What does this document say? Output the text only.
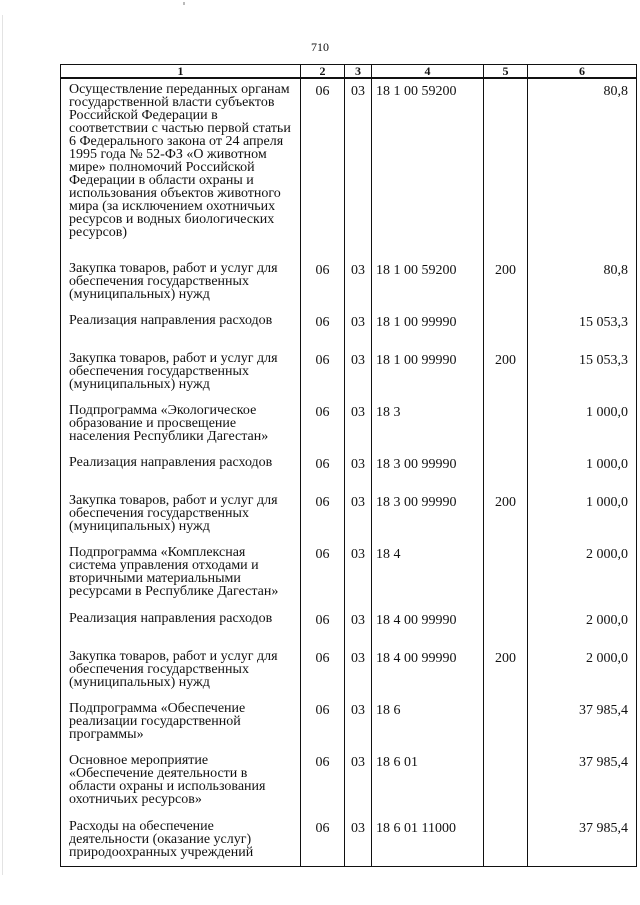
710
1	2	3	4	5	6
Осуществление переданных органам государственной власти субъектов Российской Федерации в соответствии с частью первой статьи 6 Федерального закона от 24 апреля 1995 года № 52-ФЗ «О животном мире» полномочий Российской Федерации в области охраны и использования объектов животного мира (за исключением охотничьих ресурсов и водных биологических ресурсов)	06	03	18 1 00 59200		80,8
Закупка товаров, работ и услуг для обеспечения государственных (муниципальных) нужд	06	03	18 1 00 59200	200	80,8
Реализация направления расходов	06	03	18 1 00 99990		15 053,3
Закупка товаров, работ и услуг для обеспечения государственных (муниципальных) нужд	06	03	18 1 00 99990	200	15 053,3
Подпрограмма «Экологическое образование и просвещение населения Республики Дагестан»	06	03	18 3		1 000,0
Реализация направления расходов	06	03	18 3 00 99990		1 000,0
Закупка товаров, работ и услуг для обеспечения государственных (муниципальных) нужд	06	03	18 3 00 99990	200	1 000,0
Подпрограмма «Комплексная система управления отходами и вторичными материальными ресурсами в Республике Дагестан»	06	03	18 4		2 000,0
Реализация направления расходов	06	03	18 4 00 99990		2 000,0
Закупка товаров, работ и услуг для обеспечения государственных (муниципальных) нужд	06	03	18 4 00 99990	200	2 000,0
Подпрограмма «Обеспечение реализации государственной программы»	06	03	18 6		37 985,4
Основное мероприятие «Обеспечение деятельности в области охраны и использования охотничьих ресурсов»	06	03	18 6 01		37 985,4
Расходы на обеспечение деятельности (оказание услуг) природоохранных учреждений	06	03	18 6 01 11000		37 985,4
